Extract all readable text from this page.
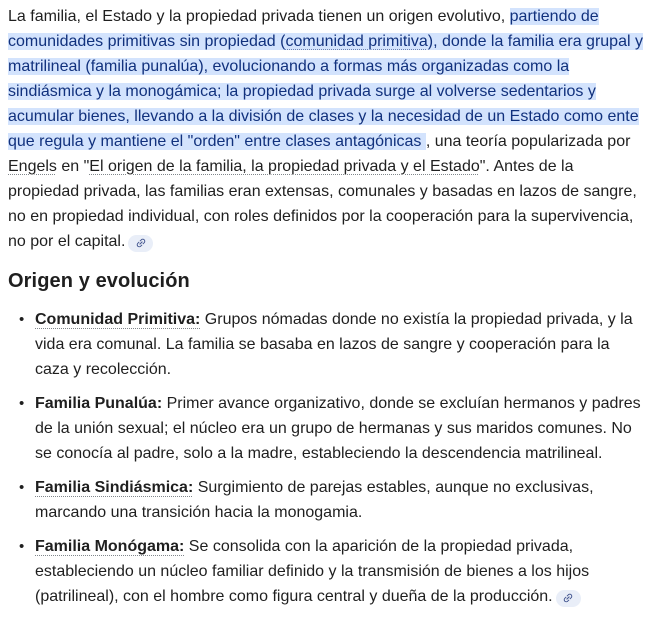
La familia, el Estado y la propiedad privada tienen un origen evolutivo, partiendo de comunidades primitivas sin propiedad (comunidad primitiva), donde la familia era grupal y matrilineal (familia punalúa), evolucionando a formas más organizadas como la sindiásmica y la monogámica; la propiedad privada surge al volverse sedentarios y acumular bienes, llevando a la división de clases y la necesidad de un Estado como ente que regula y mantiene el "orden" entre clases antagónicas , una teoría popularizada por Engels en "El origen de la familia, la propiedad privada y el Estado". Antes de la propiedad privada, las familias eran extensas, comunales y basadas en lazos de sangre, no en propiedad individual, con roles definidos por la cooperación para la supervivencia, no por el capital.

Origen y evolución
• Comunidad Primitiva: Grupos nómadas donde no existía la propiedad privada, y la vida era comunal. La familia se basaba en lazos de sangre y cooperación para la caza y recolección.
• Familia Punalúa: Primer avance organizativo, donde se excluían hermanos y padres de la unión sexual; el núcleo era un grupo de hermanas y sus maridos comunes. No se conocía al padre, solo a la madre, estableciendo la descendencia matrilineal.
• Familia Sindiásmica: Surgimiento de parejas estables, aunque no exclusivas, marcando una transición hacia la monogamia.
• Familia Monógama: Se consolida con la aparición de la propiedad privada, estableciendo un núcleo familiar definido y la transmisión de bienes a los hijos (patrilineal), con el hombre como figura central y dueña de la producción.
